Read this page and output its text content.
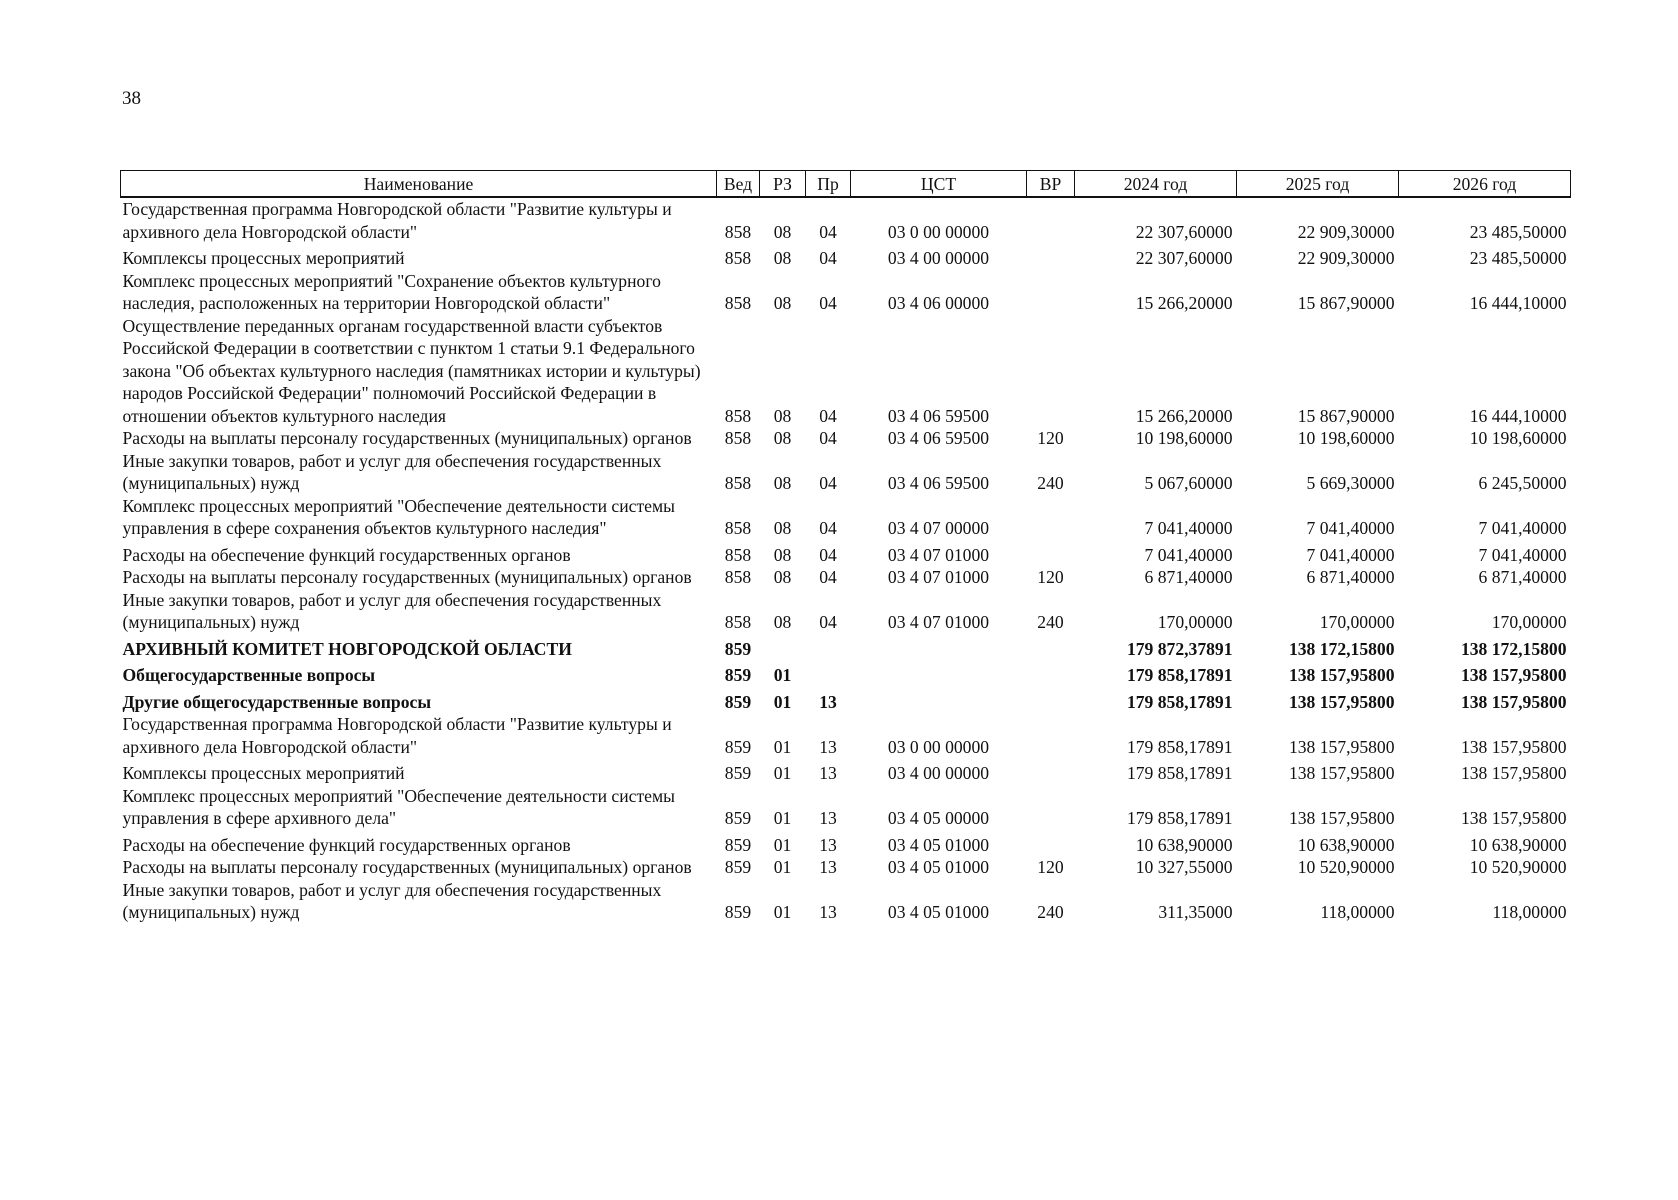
38
Наименование	Вед	РЗ	Пр	ЦСТ	ВР	2024 год	2025 год	2026 год
Государственная программа Новгородской области "Развитие культуры и архивного дела Новгородской области"	858	08	04	03 0 00 00000		22 307,60000	22 909,30000	23 485,50000
Комплексы процессных мероприятий	858	08	04	03 4 00 00000		22 307,60000	22 909,30000	23 485,50000
Комплекс процессных мероприятий "Сохранение объектов культурного наследия, расположенных на территории Новгородской области"	858	08	04	03 4 06 00000		15 266,20000	15 867,90000	16 444,10000
Осуществление переданных органам государственной власти субъектов Российской Федерации в соответствии с пунктом 1 статьи 9.1 Федерального закона "Об объектах культурного наследия (памятниках истории и культуры) народов Российской Федерации" полномочий Российской Федерации в отношении объектов культурного наследия	858	08	04	03 4 06 59500		15 266,20000	15 867,90000	16 444,10000
Расходы на выплаты персоналу государственных (муниципальных) органов	858	08	04	03 4 06 59500	120	10 198,60000	10 198,60000	10 198,60000
Иные закупки товаров, работ и услуг для обеспечения государственных (муниципальных) нужд	858	08	04	03 4 06 59500	240	5 067,60000	5 669,30000	6 245,50000
Комплекс процессных мероприятий "Обеспечение деятельности системы управления в сфере сохранения объектов культурного наследия"	858	08	04	03 4 07 00000		7 041,40000	7 041,40000	7 041,40000
Расходы на обеспечение функций государственных органов	858	08	04	03 4 07 01000		7 041,40000	7 041,40000	7 041,40000
Расходы на выплаты персоналу государственных (муниципальных) органов	858	08	04	03 4 07 01000	120	6 871,40000	6 871,40000	6 871,40000
Иные закупки товаров, работ и услуг для обеспечения государственных (муниципальных) нужд	858	08	04	03 4 07 01000	240	170,00000	170,00000	170,00000
АРХИВНЫЙ КОМИТЕТ НОВГОРОДСКОЙ ОБЛАСТИ	859					179 872,37891	138 172,15800	138 172,15800
Общегосударственные вопросы	859	01				179 858,17891	138 157,95800	138 157,95800
Другие общегосударственные вопросы	859	01	13			179 858,17891	138 157,95800	138 157,95800
Государственная программа Новгородской области "Развитие культуры и архивного дела Новгородской области"	859	01	13	03 0 00 00000		179 858,17891	138 157,95800	138 157,95800
Комплексы процессных мероприятий	859	01	13	03 4 00 00000		179 858,17891	138 157,95800	138 157,95800
Комплекс процессных мероприятий "Обеспечение деятельности системы управления в сфере архивного дела"	859	01	13	03 4 05 00000		179 858,17891	138 157,95800	138 157,95800
Расходы на обеспечение функций государственных органов	859	01	13	03 4 05 01000		10 638,90000	10 638,90000	10 638,90000
Расходы на выплаты персоналу государственных (муниципальных) органов	859	01	13	03 4 05 01000	120	10 327,55000	10 520,90000	10 520,90000
Иные закупки товаров, работ и услуг для обеспечения государственных (муниципальных) нужд	859	01	13	03 4 05 01000	240	311,35000	118,00000	118,00000
